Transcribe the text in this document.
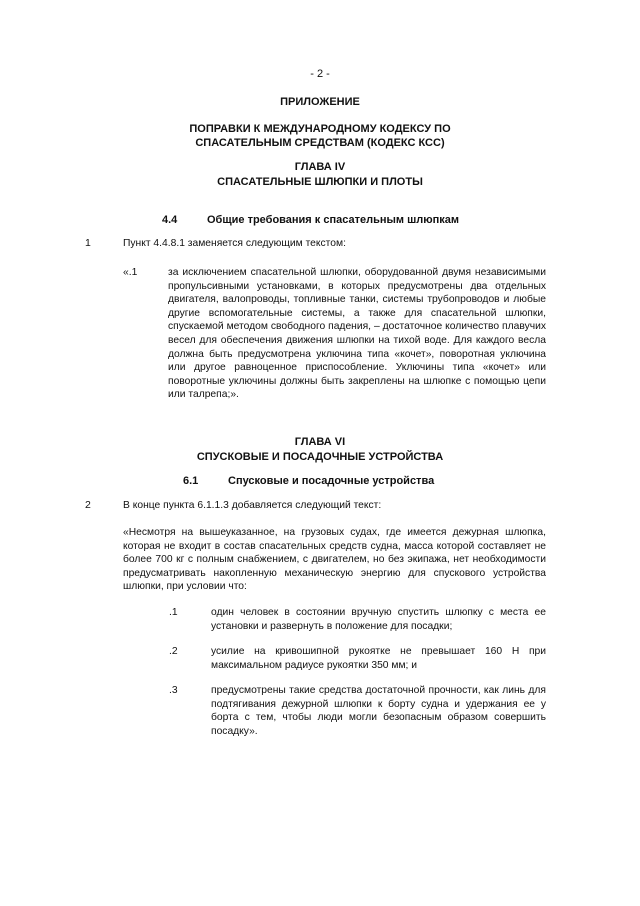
- 2 -
ПРИЛОЖЕНИЕ
ПОПРАВКИ К МЕЖДУНАРОДНОМУ КОДЕКСУ ПО
СПАСАТЕЛЬНЫМ СРЕДСТВАМ (КОДЕКС КСС)
ГЛАВА IV
СПАСАТЕЛЬНЫЕ ШЛЮПКИ И ПЛОТЫ
4.4	Общие требования к спасательным шлюпкам
1	Пункт 4.4.8.1 заменяется следующим текстом:
«.1	за исключением спасательной шлюпки, оборудованной двумя независимыми пропульсивными установками, в которых предусмотрены два отдельных двигателя, валопроводы, топливные танки, системы трубопроводов и любые другие вспомогательные системы, а также для спасательной шлюпки, спускаемой методом свободного падения, – достаточное количество плавучих весел для обеспечения движения шлюпки на тихой воде. Для каждого весла должна быть предусмотрена уключина типа «кочет», поворотная уключина или другое равноценное приспособление. Уключины типа «кочет» или поворотные уключины должны быть закреплены на шлюпке с помощью цепи или талрепа;».
ГЛАВА VI
СПУСКОВЫЕ И ПОСАДОЧНЫЕ УСТРОЙСТВА
6.1	Спусковые и посадочные устройства
2	В конце пункта 6.1.1.3 добавляется следующий текст:
«Несмотря на вышеуказанное, на грузовых судах, где имеется дежурная шлюпка, которая не входит в состав спасательных средств судна, масса которой составляет не более 700 кг с полным снабжением, с двигателем, но без экипажа, нет необходимости предусматривать накопленную механическую энергию для спускового устройства шлюпки, при условии что:
.1	один человек в состоянии вручную спустить шлюпку с места ее установки и развернуть в положение для посадки;
.2	усилие на кривошипной рукоятке не превышает 160 Н при максимальном радиусе рукоятки 350 мм; и
.3	предусмотрены такие средства достаточной прочности, как линь для подтягивания дежурной шлюпки к борту судна и удержания ее у борта с тем, чтобы люди могли безопасным образом совершить посадку».
